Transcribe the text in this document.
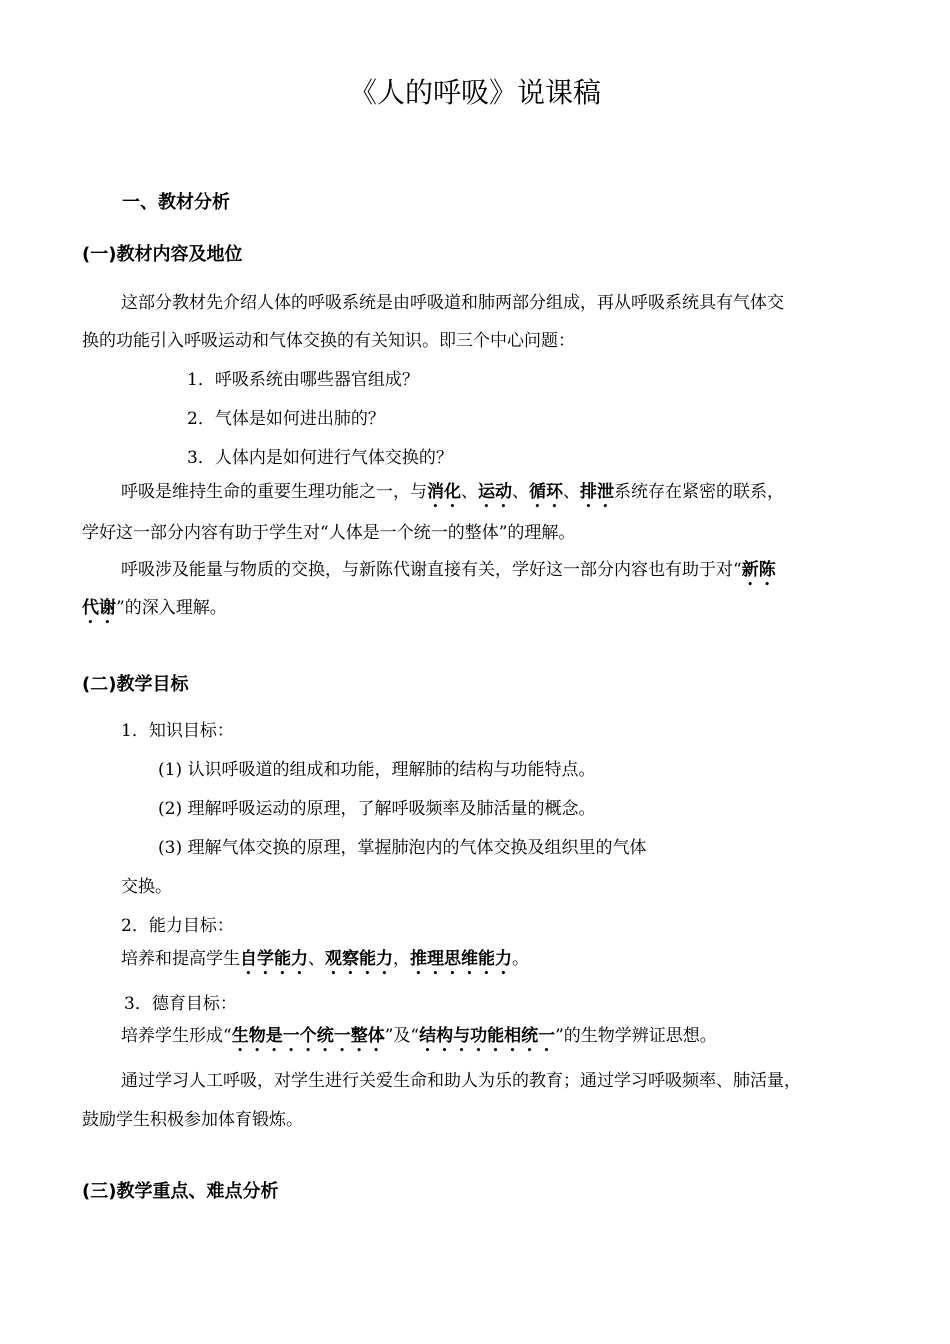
《人的呼吸》说课稿
一、教材分析
(一)教材内容及地位
这部分教材先介绍人体的呼吸系统是由呼吸道和肺两部分组成，再从呼吸系统具有气体交
换的功能引入呼吸运动和气体交换的有关知识。即三个中心问题：
1．呼吸系统由哪些器官组成？
2．气体是如何进出肺的？
3．人体内是如何进行气体交换的？
呼吸是维持生命的重要生理功能之一，与消化、运动、循环、排泄系统存在紧密的联系，
学好这一部分内容有助于学生对“人体是一个统一的整体”的理解。
呼吸涉及能量与物质的交换，与新陈代谢直接有关，学好这一部分内容也有助于对“新陈
代谢”的深入理解。
(二)教学目标
1．知识目标：
(1) 认识呼吸道的组成和功能，理解肺的结构与功能特点。
(2) 理解呼吸运动的原理，了解呼吸频率及肺活量的概念。
(3) 理解气体交换的原理，掌握肺泡内的气体交换及组织里的气体
交换。
2．能力目标：
培养和提高学生自学能力、观察能力，推理思维能力。
3．德育目标：
培养学生形成“生物是一个统一整体”及“结构与功能相统一”的生物学辨证思想。
通过学习人工呼吸，对学生进行关爱生命和助人为乐的教育；通过学习呼吸频率、肺活量，
鼓励学生积极参加体育锻炼。
(三)教学重点、难点分析
